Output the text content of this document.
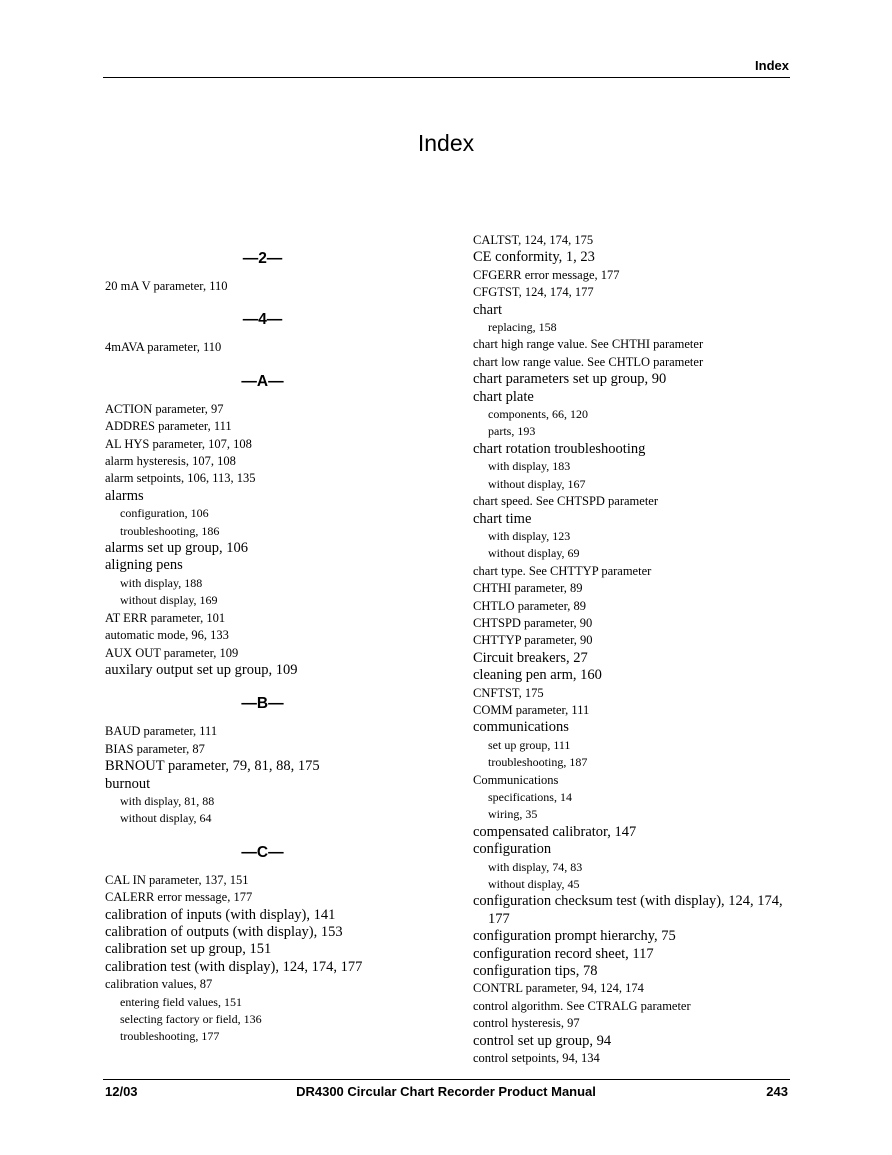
Index
Index
—2—
20 mA V parameter, 110
—4—
4mAVA parameter, 110
—A—
ACTION parameter, 97
ADDRES parameter, 111
AL HYS parameter, 107, 108
alarm hysteresis, 107, 108
alarm setpoints, 106, 113, 135
alarms
configuration, 106
troubleshooting, 186
alarms set up group, 106
aligning pens
with display, 188
without display, 169
AT ERR parameter, 101
automatic mode, 96, 133
AUX OUT parameter, 109
auxilary output set up group, 109
—B—
BAUD parameter, 111
BIAS parameter, 87
BRNOUT parameter, 79, 81, 88, 175
burnout
with display, 81, 88
without display, 64
—C—
CAL IN parameter, 137, 151
CALERR error message, 177
calibration of inputs (with display), 141
calibration of outputs (with display), 153
calibration set up group, 151
calibration test (with display), 124, 174, 177
calibration values, 87
entering field values, 151
selecting factory or field, 136
troubleshooting, 177
CALTST, 124, 174, 175
CE conformity, 1, 23
CFGERR error message, 177
CFGTST, 124, 174, 177
chart
replacing, 158
chart high range value. See CHTHI parameter
chart low range value. See CHTLO parameter
chart parameters set up group, 90
chart plate
components, 66, 120
parts, 193
chart rotation troubleshooting
with display, 183
without display, 167
chart speed. See CHTSPD parameter
chart time
with display, 123
without display, 69
chart type. See CHTTYP parameter
CHTHI parameter, 89
CHTLO parameter, 89
CHTSPD parameter, 90
CHTTYP parameter, 90
Circuit breakers, 27
cleaning pen arm, 160
CNFTST, 175
COMM parameter, 111
communications
set up group, 111
troubleshooting, 187
Communications
specifications, 14
wiring, 35
compensated calibrator, 147
configuration
with display, 74, 83
without display, 45
configuration checksum test (with display), 124, 174, 177
configuration prompt hierarchy, 75
configuration record sheet, 117
configuration tips, 78
CONTRL parameter, 94, 124, 174
control algorithm. See CTRALG parameter
control hysteresis, 97
control set up group, 94
control setpoints, 94, 134
12/03	DR4300 Circular Chart Recorder Product Manual	243
